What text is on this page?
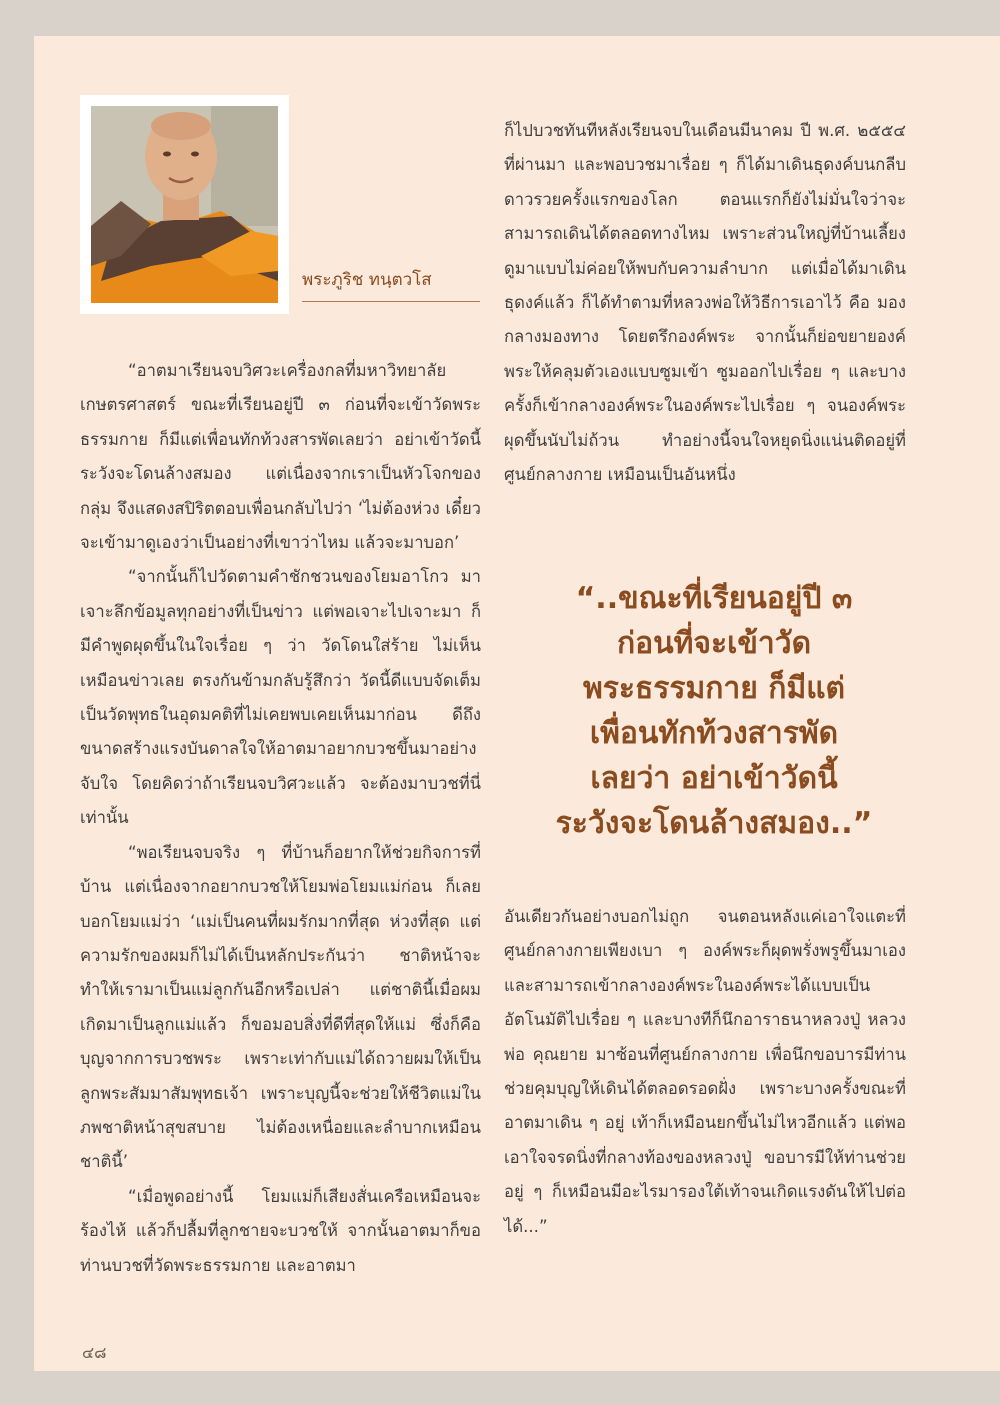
พระภูริช ทนฺตวโส

“อาตมาเรียนจบวิศวะเครื่องกลที่มหาวิทยาลัยเกษตรศาสตร์ ขณะที่เรียนอยู่ปี ๓ ก่อนที่จะเข้าวัดพระธรรมกาย ก็มีแต่เพื่อนทักท้วงสารพัดเลยว่า อย่าเข้าวัดนี้ ระวังจะโดนล้างสมอง แต่เนื่องจากเราเป็นหัวโจกของกลุ่ม จึงแสดงสปิริตตอบเพื่อนกลับไปว่า ‘ไม่ต้องห่วง เดี๋ยวจะเข้ามาดูเองว่าเป็นอย่างที่เขาว่าไหม แล้วจะมาบอก’

“จากนั้นก็ไปวัดตามคำชักชวนของโยมอาโกว มาเจาะลึกข้อมูลทุกอย่างที่เป็นข่าว แต่พอเจาะไปเจาะมา ก็มีคำพูดผุดขึ้นในใจเรื่อย ๆ ว่า วัดโดนใส่ร้าย ไม่เห็นเหมือนข่าวเลย ตรงกันข้ามกลับรู้สึกว่า วัดนี้ดีแบบจัดเต็ม เป็นวัดพุทธในอุดมคติที่ไม่เคยพบเคยเห็นมาก่อน ดีถึงขนาดสร้างแรงบันดาลใจให้อาตมาอยากบวชขึ้นมาอย่างจับใจ โดยคิดว่าถ้าเรียนจบวิศวะแล้ว จะต้องมาบวชที่นี่เท่านั้น

“พอเรียนจบจริง ๆ ที่บ้านก็อยากให้ช่วยกิจการที่บ้าน แต่เนื่องจากอยากบวชให้โยมพ่อโยมแม่ก่อน ก็เลยบอกโยมแม่ว่า ‘แม่เป็นคนที่ผมรักมากที่สุด ห่วงที่สุด แต่ความรักของผมก็ไม่ได้เป็นหลักประกันว่า ชาติหน้าจะทำให้เรามาเป็นแม่ลูกกันอีกหรือเปล่า แต่ชาตินี้เมื่อผมเกิดมาเป็นลูกแม่แล้ว ก็ขอมอบสิ่งที่ดีที่สุดให้แม่ ซึ่งก็คือบุญจากการบวชพระ เพราะเท่ากับแม่ได้ถวายผมให้เป็นลูกพระสัมมาสัมพุทธเจ้า เพราะบุญนี้จะช่วยให้ชีวิตแม่ในภพชาติหน้าสุขสบาย ไม่ต้องเหนื่อยและลำบากเหมือนชาตินี้’

“เมื่อพูดอย่างนี้ โยมแม่ก็เสียงสั่นเครือเหมือนจะร้องไห้ แล้วก็ปลื้มที่ลูกชายจะบวชให้ จากนั้นอาตมาก็ขอท่านบวชที่วัดพระธรรมกาย และอาตมา

ก็ไปบวชทันทีหลังเรียนจบในเดือนมีนาคม ปี พ.ศ. ๒๕๕๔ ที่ผ่านมา และพอบวชมาเรื่อย ๆ ก็ได้มาเดินธุดงค์บนกลีบดาวรวยครั้งแรกของโลก ตอนแรกก็ยังไม่มั่นใจว่าจะสามารถเดินได้ตลอดทางไหม เพราะส่วนใหญ่ที่บ้านเลี้ยงดูมาแบบไม่ค่อยให้พบกับความลำบาก แต่เมื่อได้มาเดินธุดงค์แล้ว ก็ได้ทำตามที่หลวงพ่อให้วิธีการเอาไว้ คือ มองกลางมองทาง โดยตรึกองค์พระ จากนั้นก็ย่อขยายองค์พระให้คลุมตัวเองแบบซูมเข้า ซูมออกไปเรื่อย ๆ และบางครั้งก็เข้ากลางองค์พระในองค์พระไปเรื่อย ๆ จนองค์พระผุดขึ้นนับไม่ถ้วน ทำอย่างนี้จนใจหยุดนิ่งแน่นติดอยู่ที่ศูนย์กลางกาย เหมือนเป็นอันหนึ่ง

“..ขณะที่เรียนอยู่ปี ๓
ก่อนที่จะเข้าวัด
พระธรรมกาย ก็มีแต่
เพื่อนทักท้วงสารพัด
เลยว่า อย่าเข้าวัดนี้
ระวังจะโดนล้างสมอง..”

อันเดียวกันอย่างบอกไม่ถูก จนตอนหลังแค่เอาใจแตะที่ศูนย์กลางกายเพียงเบา ๆ องค์พระก็ผุดพรั่งพรูขึ้นมาเอง และสามารถเข้ากลางองค์พระในองค์พระได้แบบเป็นอัตโนมัติไปเรื่อย ๆ และบางทีก็นึกอาราธนาหลวงปู่ หลวงพ่อ คุณยาย มาซ้อนที่ศูนย์กลางกาย เพื่อนึกขอบารมีท่านช่วยคุมบุญให้เดินได้ตลอดรอดฝั่ง เพราะบางครั้งขณะที่อาตมาเดิน ๆ อยู่ เท้าก็เหมือนยกขึ้นไม่ไหวอีกแล้ว แต่พอเอาใจจรดนิ่งที่กลางท้องของหลวงปู่ ขอบารมีให้ท่านช่วย อยู่ ๆ ก็เหมือนมีอะไรมารองใต้เท้าจนเกิดแรงดันให้ไปต่อได้...”

๔๘
